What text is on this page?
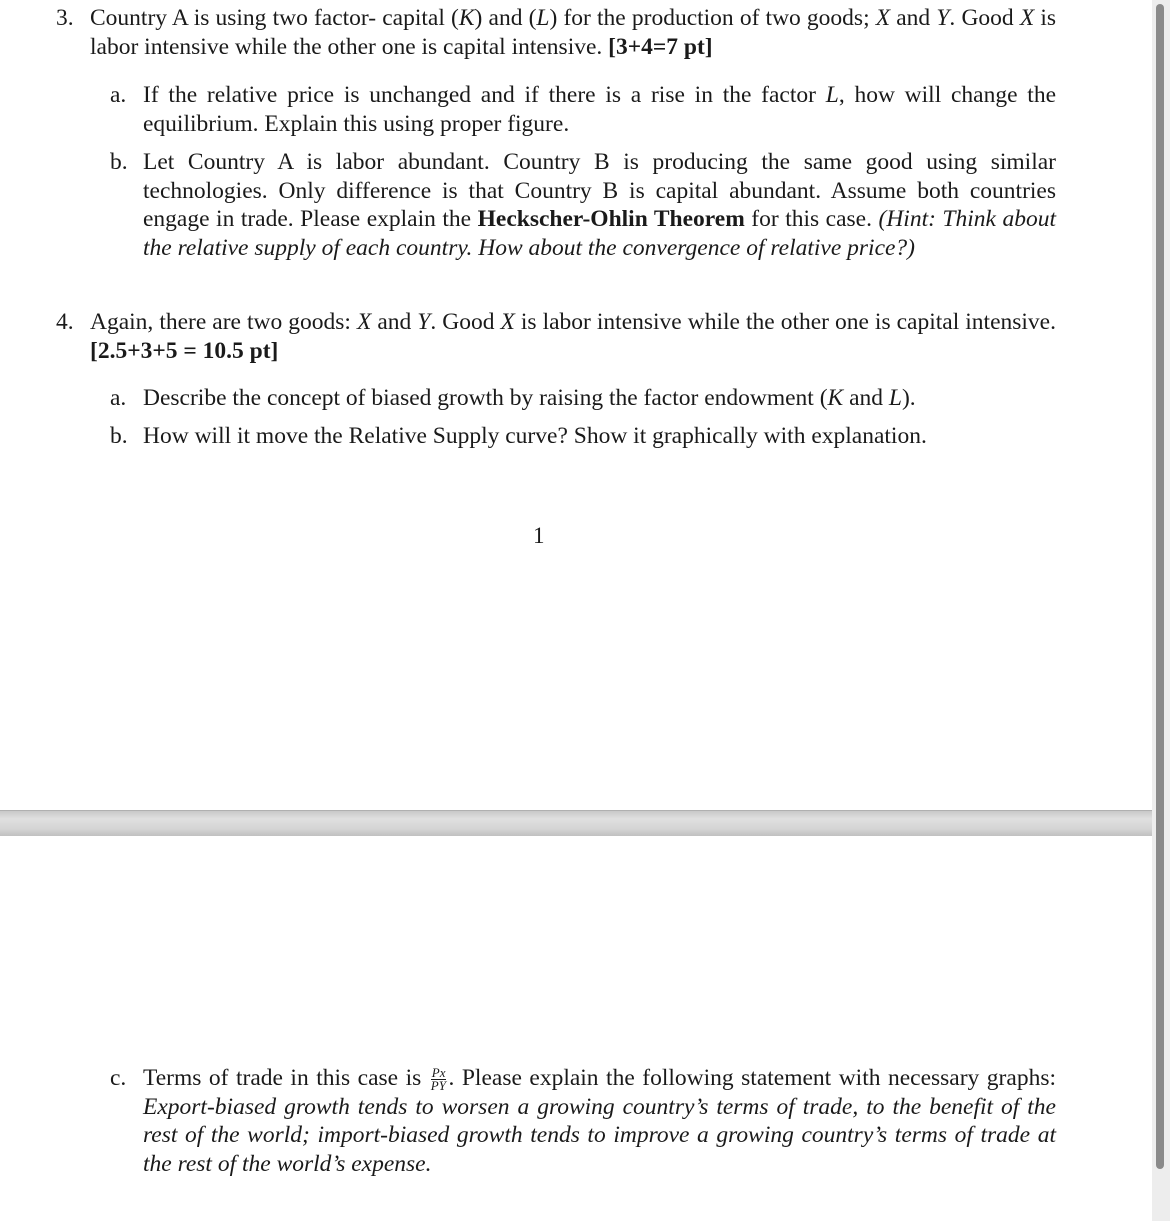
3. Country A is using two factor- capital (K) and (L) for the production of two goods; X and Y. Good X is labor intensive while the other one is capital intensive. [3+4=7 pt]
a. If the relative price is unchanged and if there is a rise in the factor L, how will change the equilibrium. Explain this using proper figure.
b. Let Country A is labor abundant. Country B is producing the same good using similar technologies. Only difference is that Country B is capital abundant. Assume both countries engage in trade. Please explain the Heckscher-Ohlin Theorem for this case. (Hint: Think about the relative supply of each country. How about the convergence of relative price?)
4. Again, there are two goods: X and Y. Good X is labor intensive while the other one is capital intensive. [2.5+3+5 = 10.5 pt]
a. Describe the concept of biased growth by raising the factor endowment (K and L).
b. How will it move the Relative Supply curve? Show it graphically with explanation.
1
c. Terms of trade in this case is $\frac{Px}{PY}$ . Please explain the following statement with necessary graphs: Export-biased growth tends to worsen a growing country’s terms of trade, to the benefit of the rest of the world; import-biased growth tends to improve a growing country’s terms of trade at the rest of the world’s expense.
